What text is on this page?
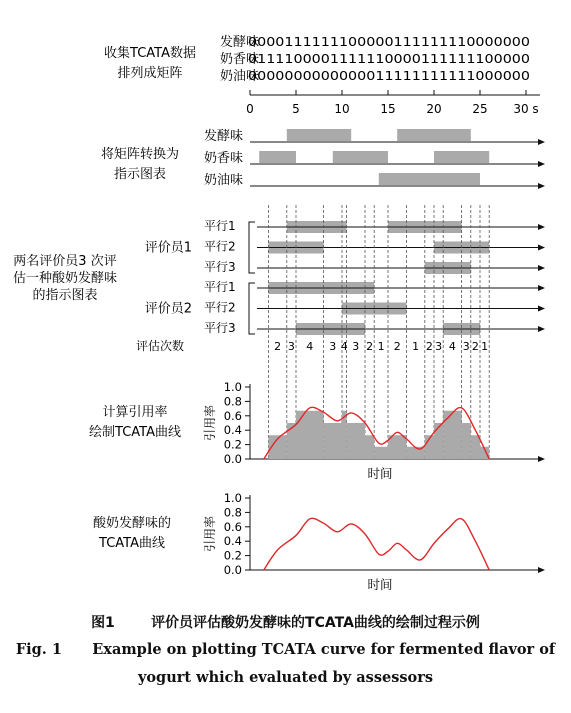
收集TCATA数据
排列成矩阵
将矩阵转换为
指示图表
两名评价员3 次评
估一种酸奶发酵味
的指示图表
计算引用率
绘制TCATA曲线
酸奶发酵味的
TCATA曲线
发酵味
0000111111100000111111110000000
奶香味
0111100001111110000111111100000
奶油味
0000000000000011111111111000000
0	5	10	15	20	25 30 s
发酵味
奶香味
奶油味
评价员1
平行1
平行2
平行3
评价员2
平行1
平行2
平行3
评估次数	2 3 4 3 4 3 2 1 2 1 2 3 4 3 2 1
0.0
0.2
0.4
0.6
0.8
1.0
引用率
时间
0.0
0.2
0.4
0.6
0.8
1.0
引用率
时间
图1	评价员评估酸奶发酵味的TCATA曲线的绘制过程示例
Fig. 1      Example on plotting TCATA curve for fermented flavor of
yogurt which evaluated by assessors
